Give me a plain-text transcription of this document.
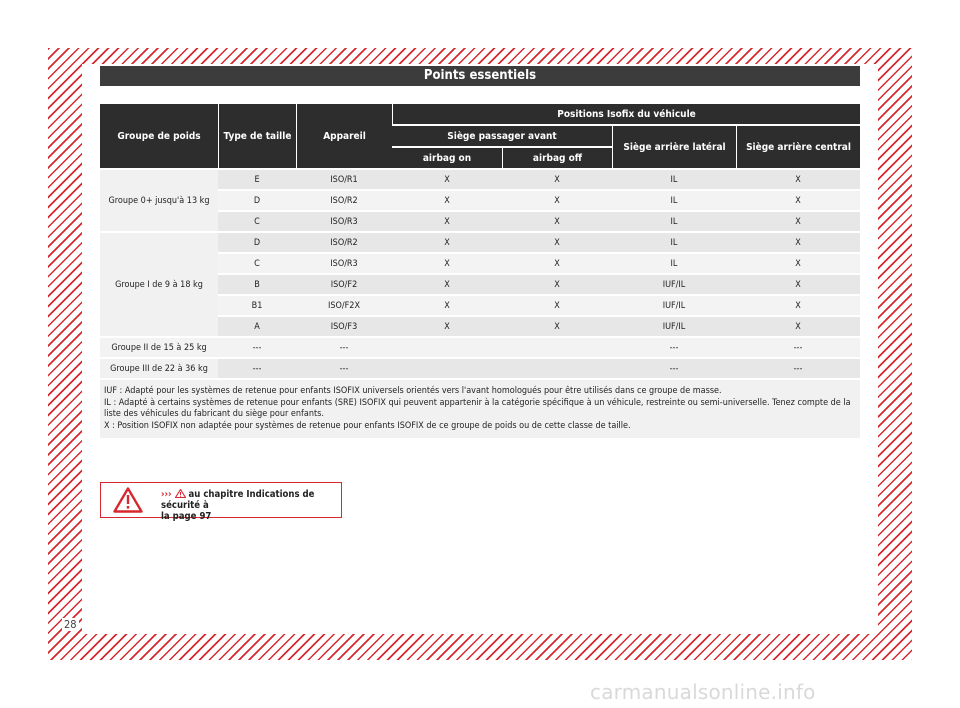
Points essentiels
Groupe de poids	Type de taille	Appareil	Positions Isofix du véhicule			
			Siège passager avant		Siège arrière latéral	Siège arrière central
			airbag on	airbag off		
Groupe 0+ jusqu'à 13 kg	E	ISO/R1	X	X	IL	X
	D	ISO/R2	X	X	IL	X
	C	ISO/R3	X	X	IL	X
Groupe I de 9 à 18 kg	D	ISO/R2	X	X	IL	X
	C	ISO/R3	X	X	IL	X
	B	ISO/F2	X	X	IUF/IL	X
	B1	ISO/F2X	X	X	IUF/IL	X
	A	ISO/F3	X	X	IUF/IL	X
Groupe II de 15 à 25 kg	---	---			---	---
Groupe III de 22 à 36 kg	---	---			---	---

IUF : Adapté pour les systèmes de retenue pour enfants ISOFIX universels orientés vers l'avant homologués pour être utilisés dans ce groupe de masse.
IL : Adapté à certains systèmes de retenue pour enfants (SRE) ISOFIX qui peuvent appartenir à la catégorie spécifique à un véhicule, restreinte ou semi-universelle. Tenez compte de la liste des véhicules du fabricant du siège pour enfants.
X : Position ISOFIX non adaptée pour systèmes de retenue pour enfants ISOFIX de ce groupe de poids ou de cette classe de taille.						
›››  au chapitre Indications de sécurité à
la page 97
28
carmanualsonline.info
